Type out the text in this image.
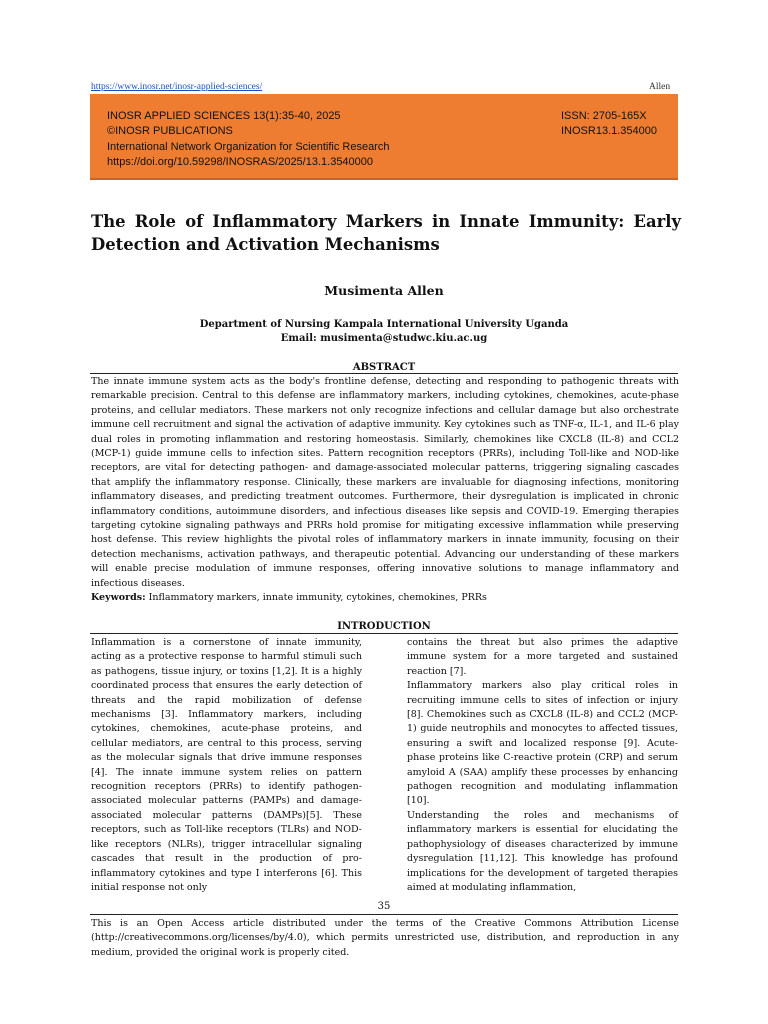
https://www.inosr.net/inosr-applied-sciences/	Allen
INOSR APPLIED SCIENCES 13(1):35-40, 2025
©INOSR PUBLICATIONS
International Network Organization for Scientific Research
https://doi.org/10.59298/INOSRAS/2025/13.1.3540000
ISSN: 2705-165X
INOSR13.1.354000
The Role of Inflammatory Markers in Innate Immunity: Early Detection and Activation Mechanisms
Musimenta Allen
Department of Nursing Kampala International University Uganda
Email: musimenta@studwc.kiu.ac.ug
ABSTRACT

The innate immune system acts as the body's frontline defense, detecting and responding to pathogenic threats with remarkable precision. Central to this defense are inflammatory markers, including cytokines, chemokines, acute-phase proteins, and cellular mediators. These markers not only recognize infections and cellular damage but also orchestrate immune cell recruitment and signal the activation of adaptive immunity. Key cytokines such as TNF-α, IL-1, and IL-6 play dual roles in promoting inflammation and restoring homeostasis. Similarly, chemokines like CXCL8 (IL-8) and CCL2 (MCP-1) guide immune cells to infection sites. Pattern recognition receptors (PRRs), including Toll-like and NOD-like receptors, are vital for detecting pathogen- and damage-associated molecular patterns, triggering signaling cascades that amplify the inflammatory response. Clinically, these markers are invaluable for diagnosing infections, monitoring inflammatory diseases, and predicting treatment outcomes. Furthermore, their dysregulation is implicated in chronic inflammatory conditions, autoimmune disorders, and infectious diseases like sepsis and COVID-19. Emerging therapies targeting cytokine signaling pathways and PRRs hold promise for mitigating excessive inflammation while preserving host defense. This review highlights the pivotal roles of inflammatory markers in innate immunity, focusing on their detection mechanisms, activation pathways, and therapeutic potential. Advancing our understanding of these markers will enable precise modulation of immune responses, offering innovative solutions to manage inflammatory and infectious diseases.

Keywords: Inflammatory markers, innate immunity, cytokines, chemokines, PRRs

INTRODUCTION

Inflammation is a cornerstone of innate immunity, acting as a protective response to harmful stimuli such as pathogens, tissue injury, or toxins [1,2]. It is a highly coordinated process that ensures the early detection of threats and the rapid mobilization of defense mechanisms [3]. Inflammatory markers, including cytokines, chemokines, acute-phase proteins, and cellular mediators, are central to this process, serving as the molecular signals that drive immune responses [4]. The innate immune system relies on pattern recognition receptors (PRRs) to identify pathogen-associated molecular patterns (PAMPs) and damage-associated molecular patterns (DAMPs)[5]. These receptors, such as Toll-like receptors (TLRs) and NOD-like receptors (NLRs), trigger intracellular signaling cascades that result in the production of pro-inflammatory cytokines and type I interferons [6]. This initial response not only

contains the threat but also primes the adaptive immune system for a more targeted and sustained reaction [7].

Inflammatory markers also play critical roles in recruiting immune cells to sites of infection or injury [8]. Chemokines such as CXCL8 (IL-8) and CCL2 (MCP-1) guide neutrophils and monocytes to affected tissues, ensuring a swift and localized response [9]. Acute-phase proteins like C-reactive protein (CRP) and serum amyloid A (SAA) amplify these processes by enhancing pathogen recognition and modulating inflammation [10].

Understanding the roles and mechanisms of inflammatory markers is essential for elucidating the pathophysiology of diseases characterized by immune dysregulation [11,12]. This knowledge has profound implications for the development of targeted therapies aimed at modulating inflammation,

35
This is an Open Access article distributed under the terms of the Creative Commons Attribution License (http://creativecommons.org/licenses/by/4.0), which permits unrestricted use, distribution, and reproduction in any medium, provided the original work is properly cited.
